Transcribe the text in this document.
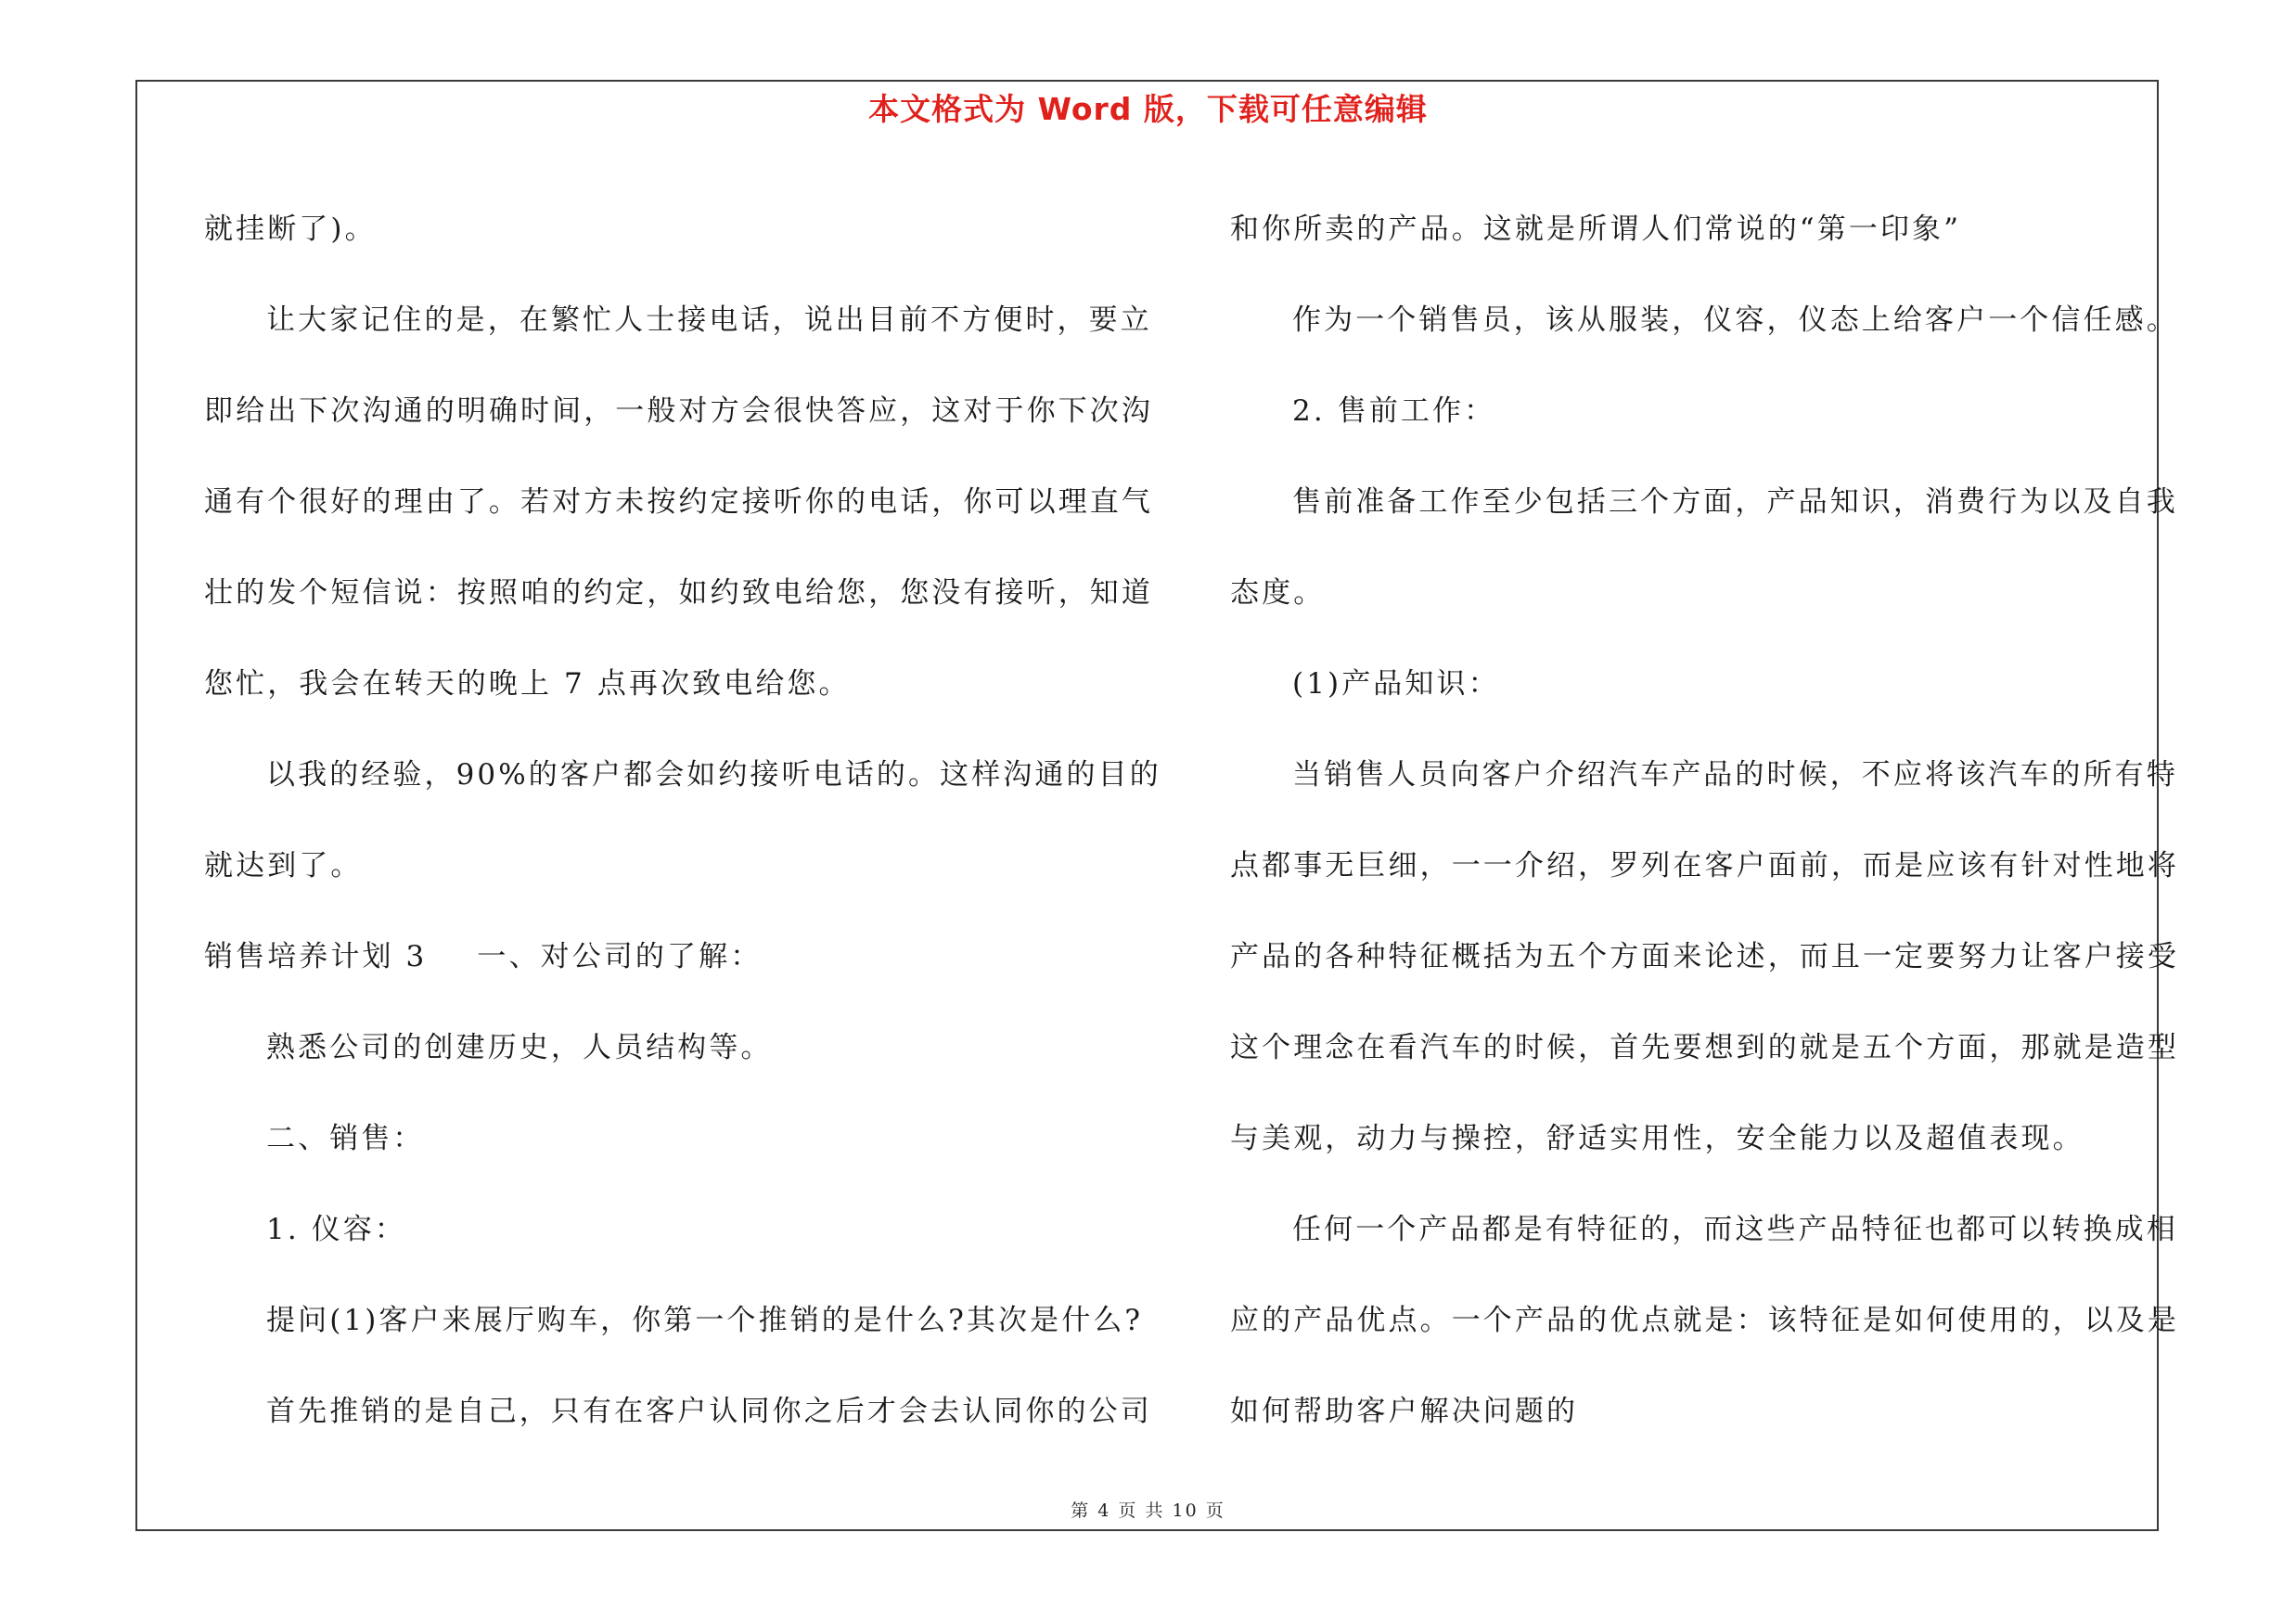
本文格式为 Word 版，下载可任意编辑
就挂断了)。
让大家记住的是，在繁忙人士接电话，说出目前不方便时，要立
即给出下次沟通的明确时间，一般对方会很快答应，这对于你下次沟
通有个很好的理由了。若对方未按约定接听你的电话，你可以理直气
壮的发个短信说：按照咱的约定，如约致电给您，您没有接听，知道
您忙，我会在转天的晚上 7 点再次致电给您。
以我的经验，90%的客户都会如约接听电话的。这样沟通的目的
就达到了。
销售培养计划 3 一、对公司的了解：
熟悉公司的创建历史，人员结构等。
二、销售：
1. 仪容：
提问(1)客户来展厅购车，你第一个推销的是什么?其次是什么?
首先推销的是自己，只有在客户认同你之后才会去认同你的公司
和你所卖的产品。这就是所谓人们常说的“第一印象”
作为一个销售员，该从服装，仪容，仪态上给客户一个信任感。
2. 售前工作：
售前准备工作至少包括三个方面，产品知识，消费行为以及自我
态度。
(1)产品知识：
当销售人员向客户介绍汽车产品的时候，不应将该汽车的所有特
点都事无巨细，一一介绍，罗列在客户面前，而是应该有针对性地将
产品的各种特征概括为五个方面来论述，而且一定要努力让客户接受
这个理念在看汽车的时候，首先要想到的就是五个方面，那就是造型
与美观，动力与操控，舒适实用性，安全能力以及超值表现。
任何一个产品都是有特征的，而这些产品特征也都可以转换成相
应的产品优点。一个产品的优点就是：该特征是如何使用的，以及是
如何帮助客户解决问题的
第 4 页 共 10 页
